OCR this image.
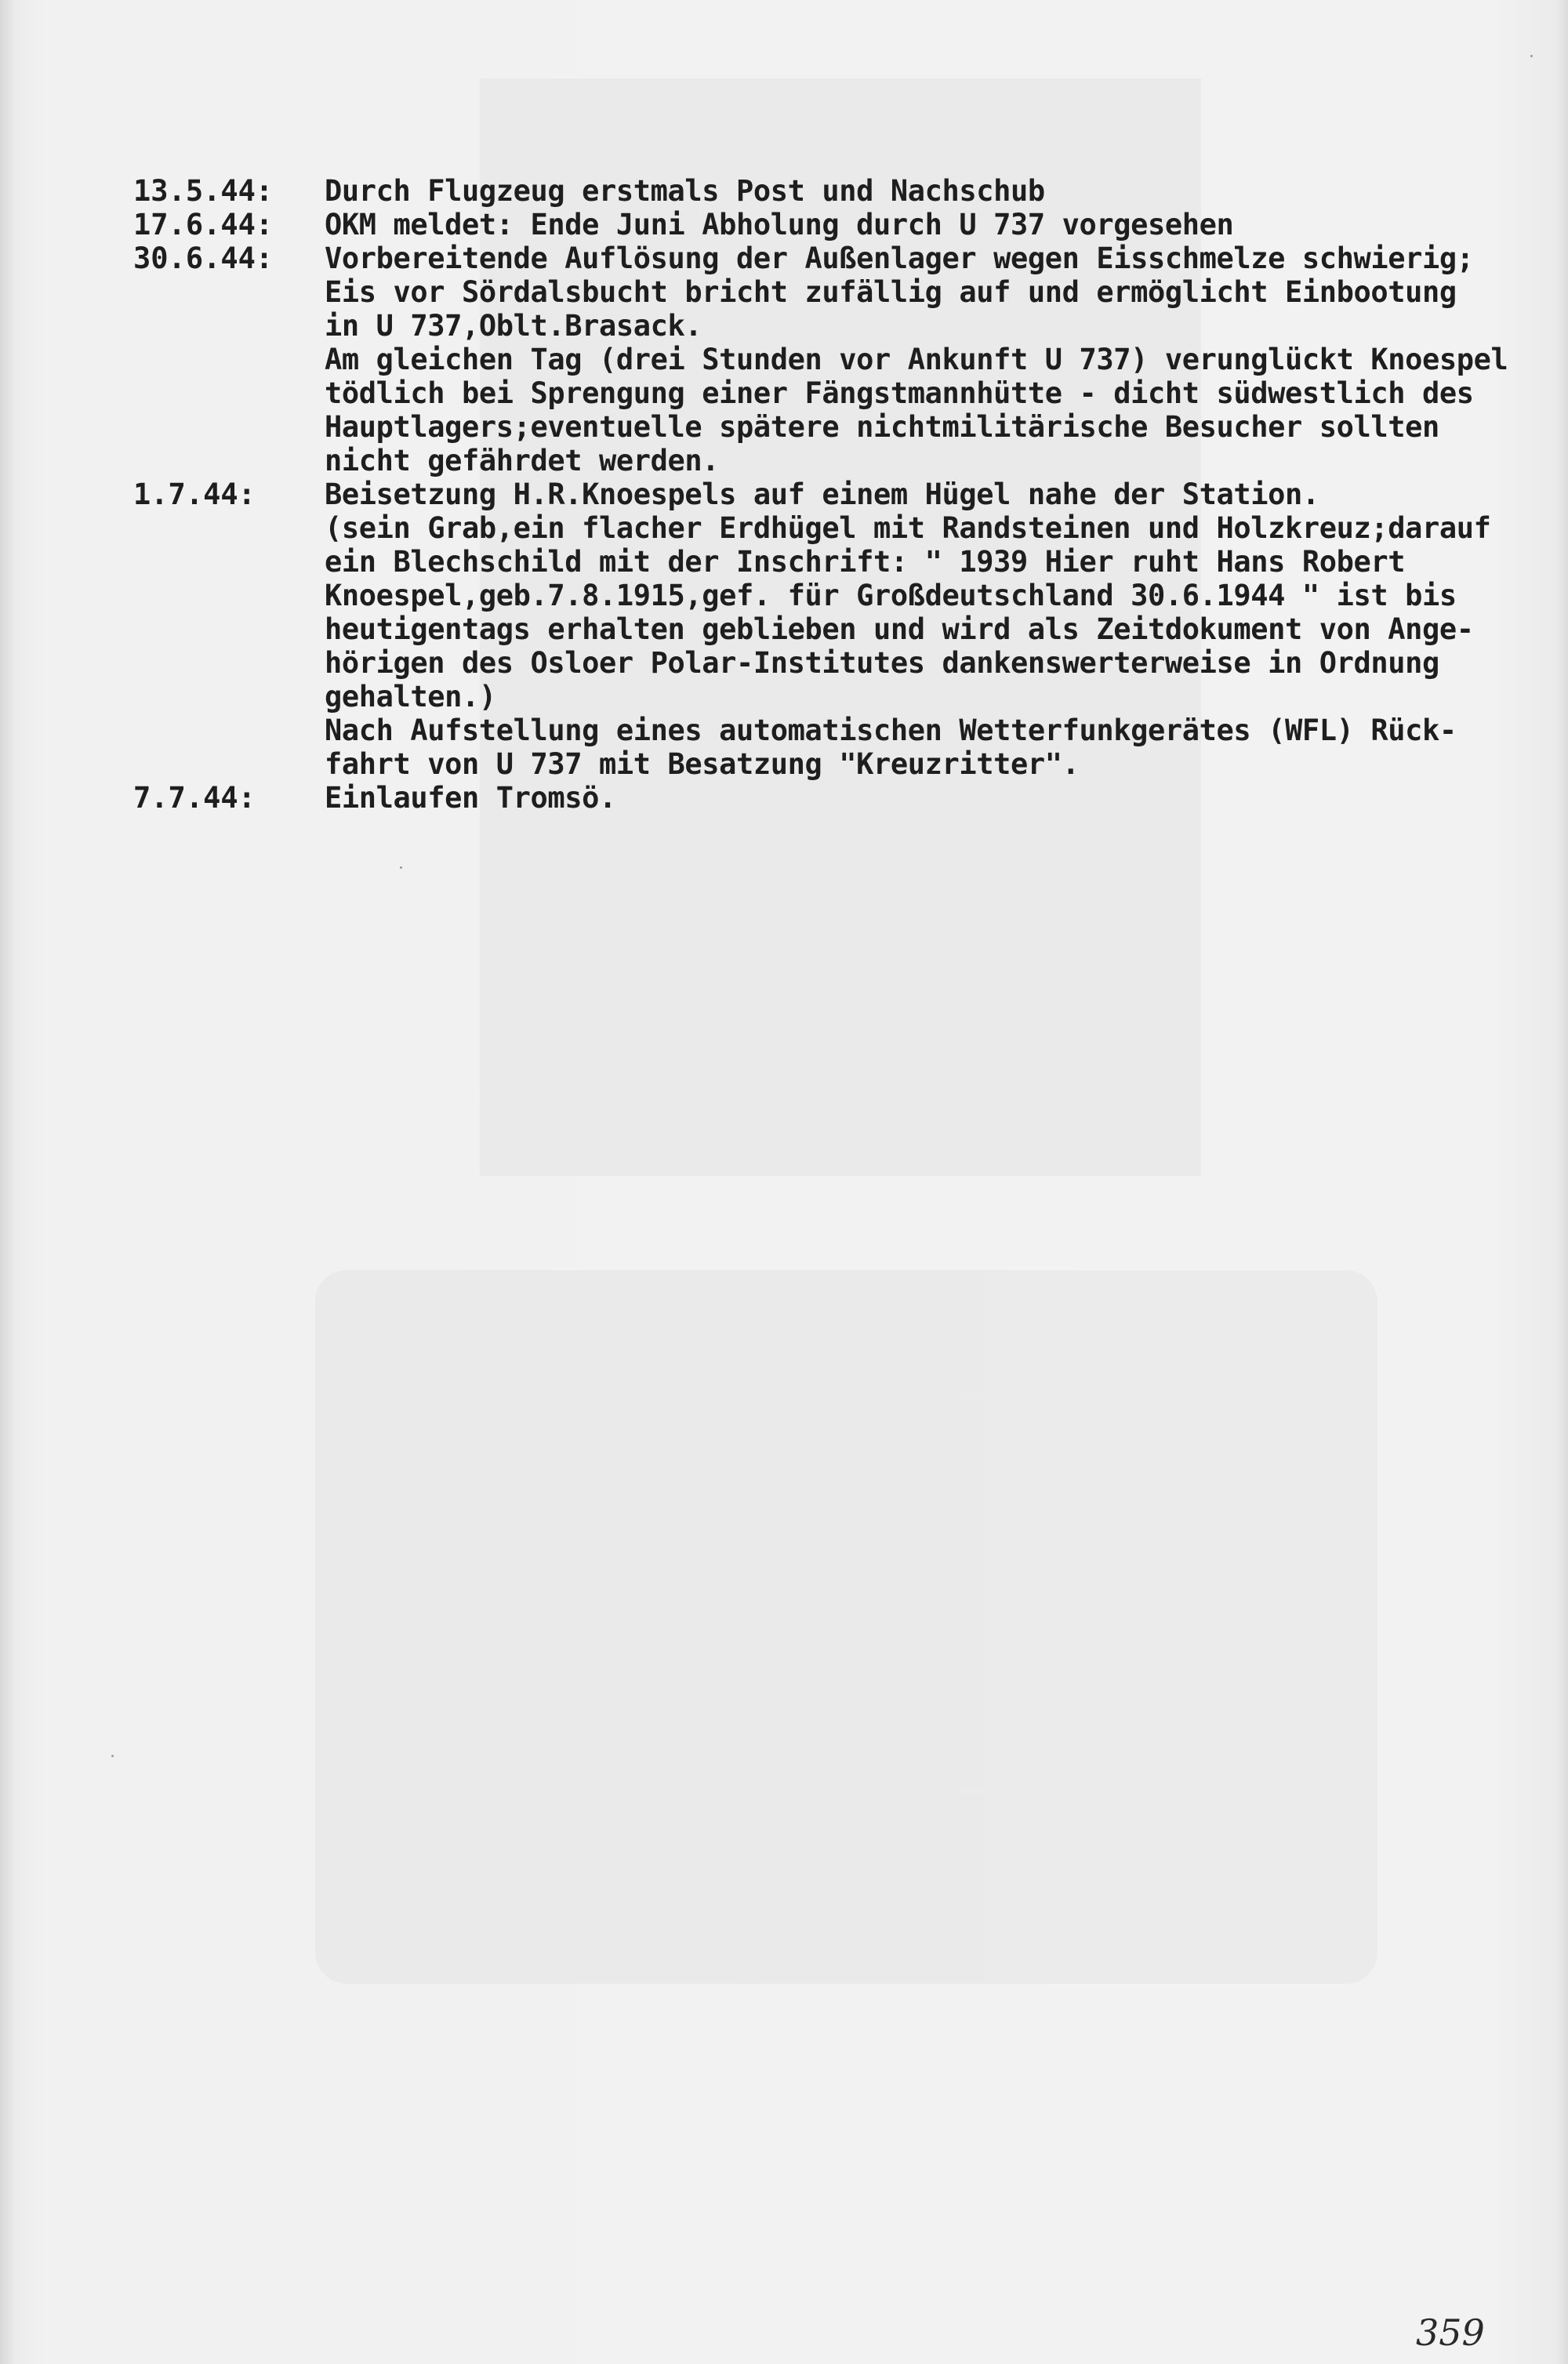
13.5.44:	Durch Flugzeug erstmals Post und Nachschub
17.6.44:	OKM meldet: Ende Juni Abholung durch U 737 vorgesehen
30.6.44:	Vorbereitende Auflösung der Außenlager wegen Eisschmelze schwierig;
Eis vor Sördalsbucht bricht zufällig auf und ermöglicht Einbootung
in U 737,Oblt.Brasack.
Am gleichen Tag (drei Stunden vor Ankunft U 737) verunglückt Knoespel
tödlich bei Sprengung einer Fängstmannhütte - dicht südwestlich des
Hauptlagers;eventuelle spätere nichtmilitärische Besucher sollten
nicht gefährdet werden.
1.7.44:	Beisetzung H.R.Knoespels auf einem Hügel nahe der Station.
(sein Grab,ein flacher Erdhügel mit Randsteinen und Holzkreuz;darauf
ein Blechschild mit der Inschrift: " 1939 Hier ruht Hans Robert
Knoespel,geb.7.8.1915,gef. für Großdeutschland 30.6.1944 " ist bis
heutigentags erhalten geblieben und wird als Zeitdokument von Ange-
hörigen des Osloer Polar-Institutes dankenswerterweise in Ordnung
gehalten.)
Nach Aufstellung eines automatischen Wetterfunkgerätes (WFL) Rück-
fahrt von U 737 mit Besatzung "Kreuzritter".
7.7.44:	Einlaufen Tromsö.
359
